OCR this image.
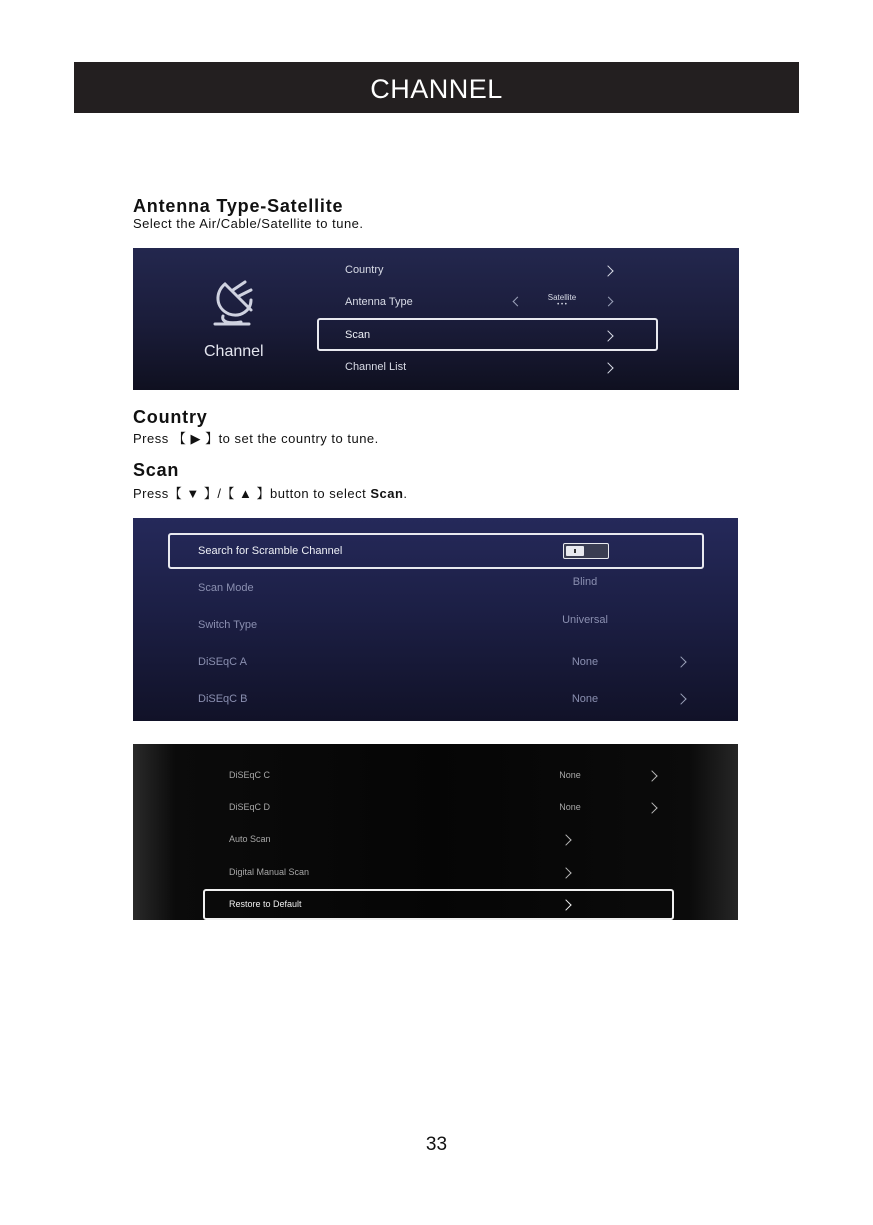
CHANNEL
Antenna Type-Satellite
Select the Air/Cable/Satellite to tune.
Channel
Country
Antenna Type	Satellite
• • •
Scan
Channel List
Country
Press 【 ▶ 】to set the country to tune.
Scan
Press【 ▼ 】/【 ▲ 】button to select Scan.
Search for Scramble Channel
Scan Mode	Blind
Switch Type	Universal
DiSEqC A	None
DiSEqC B	None
DiSEqC C	None
DiSEqC D	None
Auto Scan
Digital Manual Scan
Restore to Default
33
